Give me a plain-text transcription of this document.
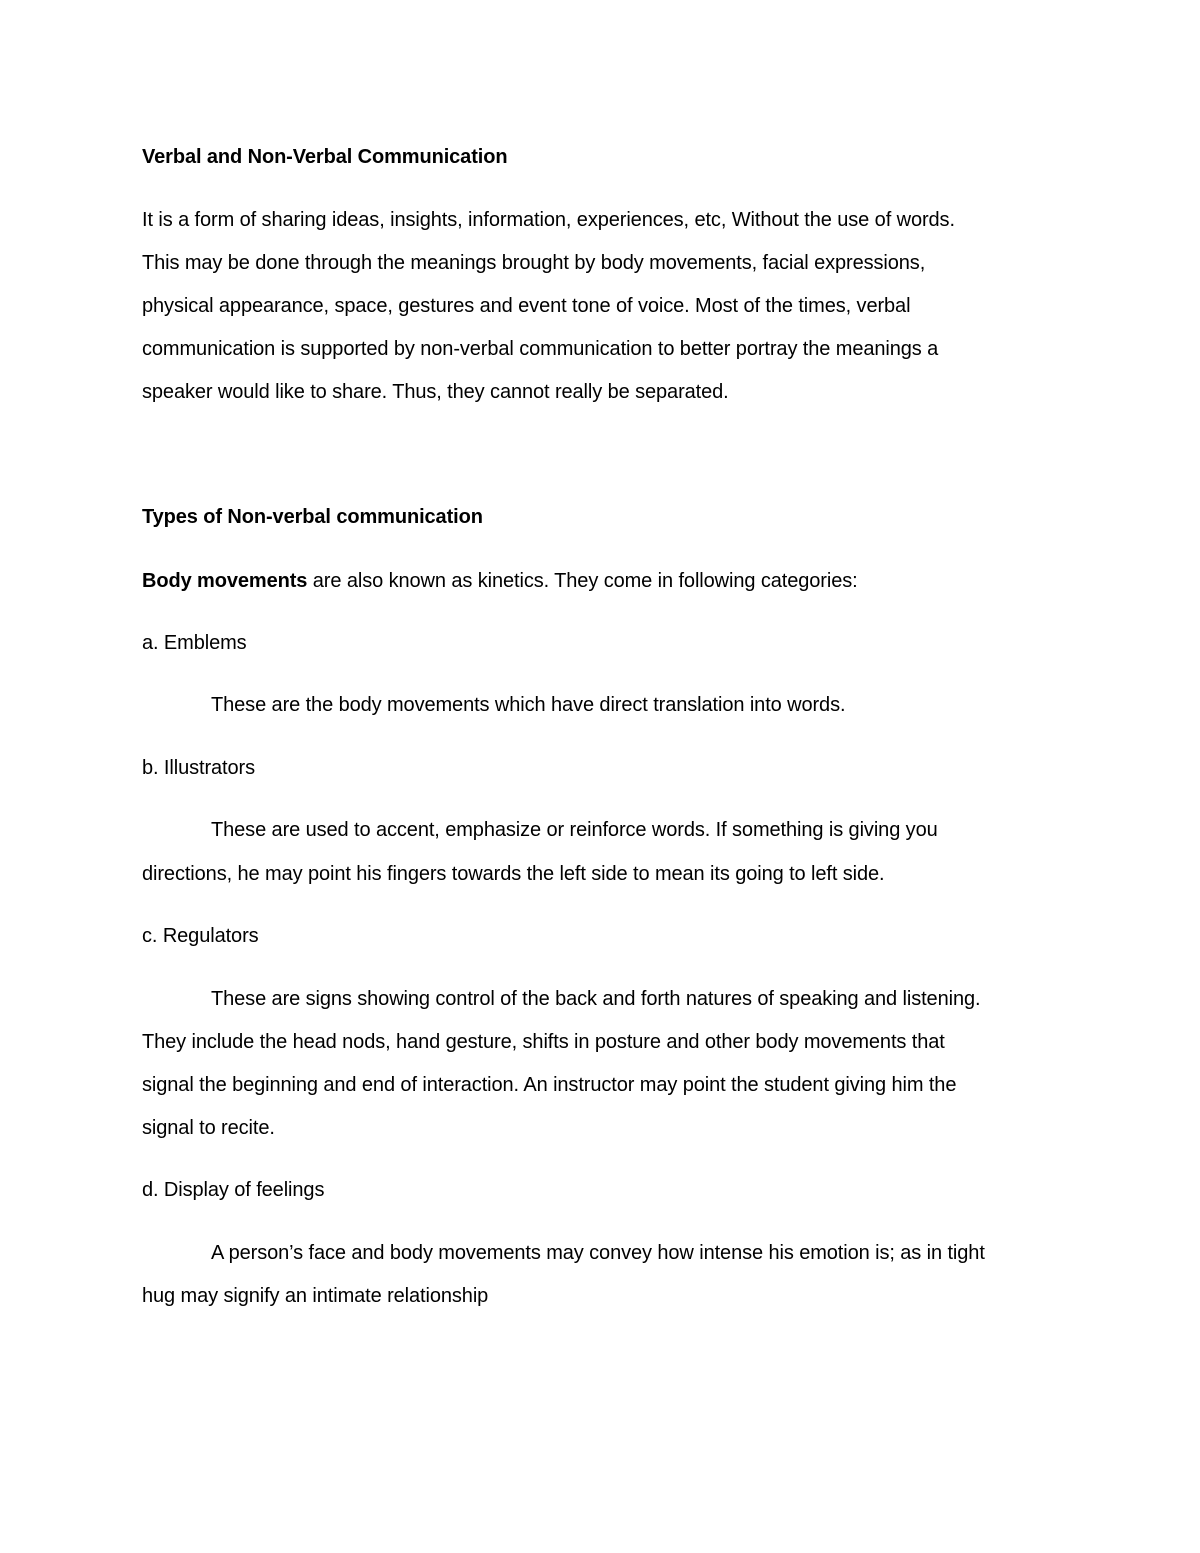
Verbal and Non-Verbal Communication

It is a form of sharing ideas, insights, information, experiences, etc, Without the use of words.

This may be done through the meanings brought by body movements, facial expressions,

physical appearance, space, gestures and event tone of voice. Most of the times, verbal

communication is supported by non-verbal communication to better portray the meanings a

speaker would like to share. Thus, they cannot really be separated.

Types of Non-verbal communication

Body movements are also known as kinetics. They come in following categories:

a. Emblems

These are the body movements which have direct translation into words.

b. Illustrators

These are used to accent, emphasize or reinforce words. If something is giving you

directions, he may point his fingers towards the left side to mean its going to left side.

c. Regulators

These are signs showing control of the back and forth natures of speaking and listening.

They include the head nods, hand gesture, shifts in posture and other body movements that

signal the beginning and end of interaction. An instructor may point the student giving him the

signal to recite.

d. Display of feelings

A person’s face and body movements may convey how intense his emotion is; as in tight

hug may signify an intimate relationship
